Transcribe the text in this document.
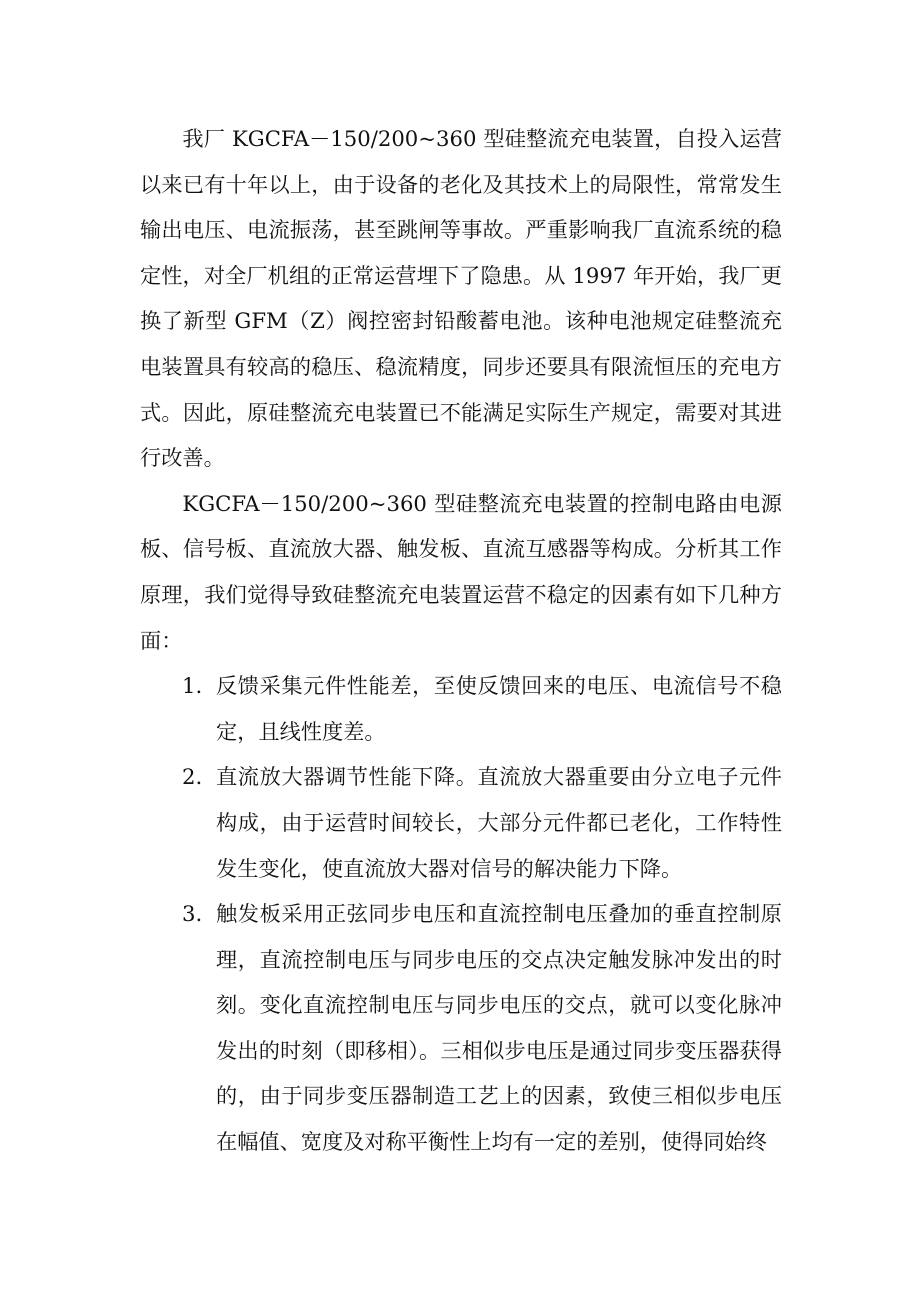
我厂 KGCFA－150/200~360 型硅整流充电装置，自投入运营以来已有十年以上，由于设备的老化及其技术上的局限性，常常发生输出电压、电流振荡，甚至跳闸等事故。严重影响我厂直流系统的稳定性，对全厂机组的正常运营埋下了隐患。从 1997 年开始，我厂更换了新型 GFM（Z）阀控密封铅酸蓄电池。该种电池规定硅整流充电装置具有较高的稳压、稳流精度，同步还要具有限流恒压的充电方式。因此，原硅整流充电装置已不能满足实际生产规定，需要对其进行改善。

KGCFA－150/200~360 型硅整流充电装置的控制电路由电源板、信号板、直流放大器、触发板、直流互感器等构成。分析其工作原理，我们觉得导致硅整流充电装置运营不稳定的因素有如下几种方面：

1. 反馈采集元件性能差，至使反馈回来的电压、电流信号不稳定，且线性度差。
2. 直流放大器调节性能下降。直流放大器重要由分立电子元件构成，由于运营时间较长，大部分元件都已老化，工作特性发生变化，使直流放大器对信号的解决能力下降。
3. 触发板采用正弦同步电压和直流控制电压叠加的垂直控制原理，直流控制电压与同步电压的交点决定触发脉冲发出的时刻。变化直流控制电压与同步电压的交点，就可以变化脉冲发出的时刻（即移相）。三相似步电压是通过同步变压器获得的，由于同步变压器制造工艺上的因素，致使三相似步电压在幅值、宽度及对称平衡性上均有一定的差别，使得同始终
